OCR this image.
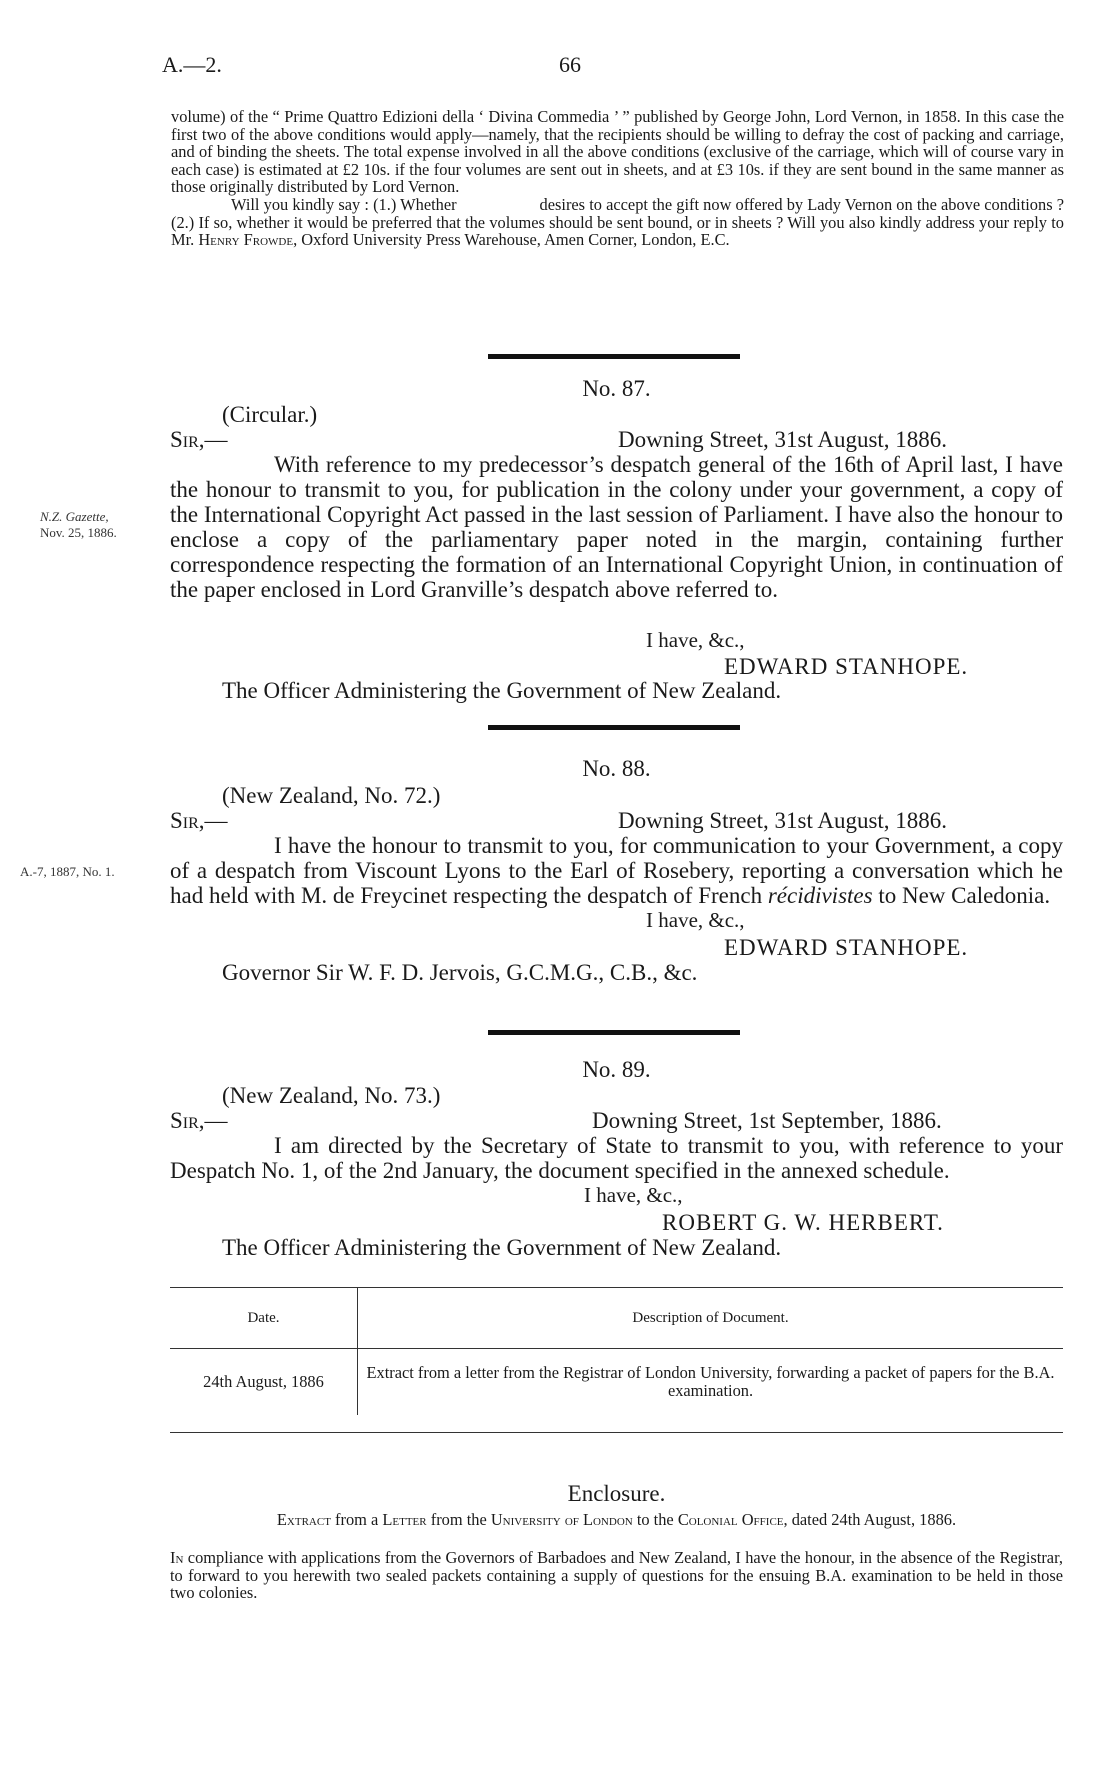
A.—2.	66

volume) of the “ Prime Quattro Edizioni della ‘ Divina Commedia ’ ” published by George John, Lord Vernon, in 1858. In this case the first two of the above conditions would apply—namely, that the recipients should be willing to defray the cost of packing and carriage, and of binding the sheets. The total expense involved in all the above conditions (exclusive of the carriage, which will of course vary in each case) is estimated at £2 10s. if the four volumes are sent out in sheets, and at £3 10s. if they are sent bound in the same manner as those originally distributed by Lord Vernon.

Will you kindly say : (1.) Whether	desires to accept the gift now offered by Lady Vernon on the above conditions ? (2.) If so, whether it would be preferred that the volumes should be sent bound, or in sheets ? Will you also kindly address your reply to Mr. Henry Frowde, Oxford University Press Warehouse, Amen Corner, London, E.C.

No. 87.
(Circular.)
Sir,—	Downing Street, 31st August, 1886.

With reference to my predecessor’s despatch general of the 16th of April last, I have the honour to transmit to you, for publication in the colony under your government, a copy of the International Copyright Act passed in the last session of Parliament. I have also the honour to enclose a copy of the parliamentary paper noted in the margin, containing further correspondence respecting the formation of an International Copyright Union, in continuation of the paper enclosed in Lord Granville’s despatch above referred to.

N.Z. Gazette,
Nov. 25, 1886.
I have, &c.,
EDWARD STANHOPE.
The Officer Administering the Government of New Zealand.
No. 88.
(New Zealand, No. 72.)
Sir,—	Downing Street, 31st August, 1886.

I have the honour to transmit to you, for communication to your Government, a copy of a despatch from Viscount Lyons to the Earl of Rosebery, reporting a conversation which he had held with M. de Freycinet respecting the despatch of French récidivistes to New Caledonia.

A.-7, 1887, No. 1.
I have, &c.,
EDWARD STANHOPE.
Governor Sir W. F. D. Jervois, G.C.M.G., C.B., &c.
No. 89.
(New Zealand, No. 73.)
Sir,—	Downing Street, 1st September, 1886.

I am directed by the Secretary of State to transmit to you, with reference to your Despatch No. 1, of the 2nd January, the document specified in the annexed schedule.

I have, &c.,
ROBERT G. W. HERBERT.
The Officer Administering the Government of New Zealand.
Date.	Description of Document.
24th August, 1886	Extract from a letter from the Registrar of London University, forwarding a packet of papers for the B.A. examination.
Enclosure.
Extract from a Letter from the University of London to the Colonial Office, dated 24th August, 1886.

In compliance with applications from the Governors of Barbadoes and New Zealand, I have the honour, in the absence of the Registrar, to forward to you herewith two sealed packets containing a supply of questions for the ensuing B.A. examination to be held in those two colonies.
